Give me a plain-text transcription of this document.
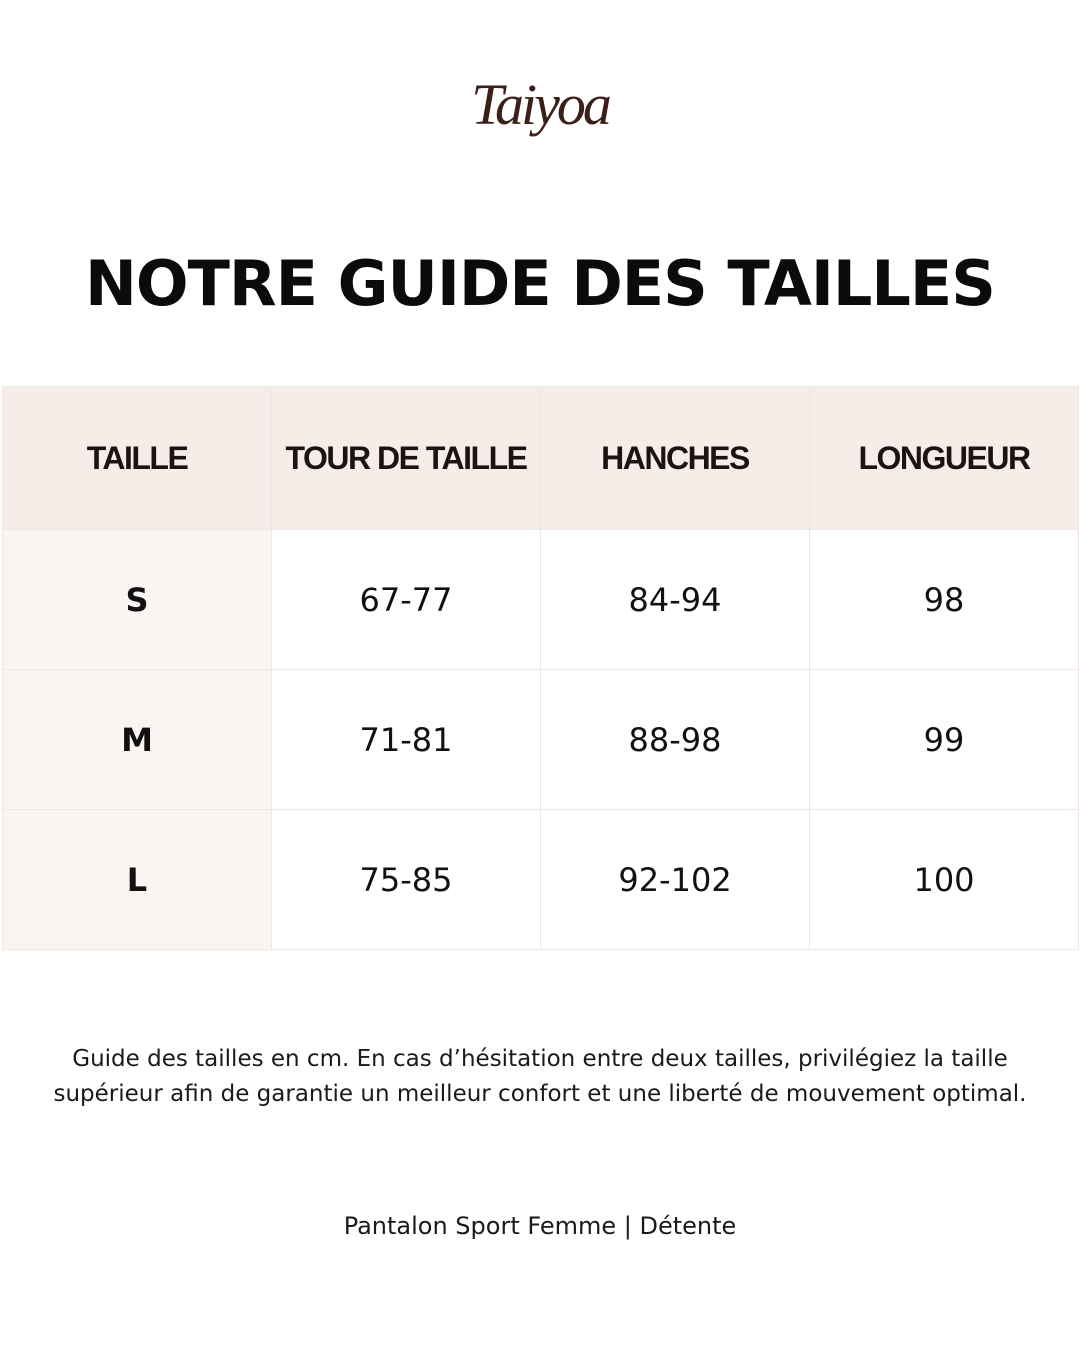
Taiyoa
NOTRE GUIDE DES TAILLES
TAILLE	TOUR DE TAILLE	HANCHES	LONGUEUR
S	67-77	84-94	98
M	71-81	88-98	99
L	75-85	92-102	100
Guide des tailles en cm. En cas d’hésitation entre deux tailles, privilégiez la taille
supérieur afin de garantie un meilleur confort et une liberté de mouvement optimal.
Pantalon Sport Femme | Détente
